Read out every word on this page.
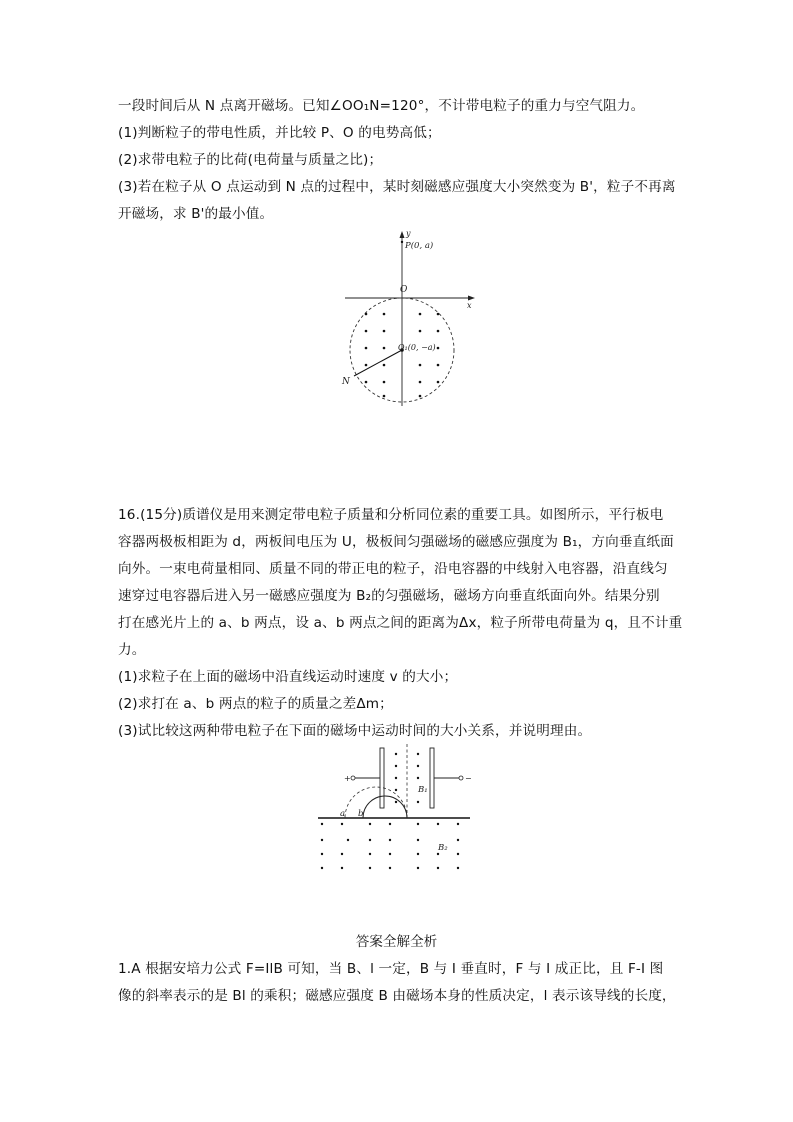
一段时间后从 N 点离开磁场。已知∠OO₁N=120°，不计带电粒子的重力与空气阻力。
(1)判断粒子的带电性质，并比较 P、O 的电势高低；
(2)求带电粒子的比荷(电荷量与质量之比)；
(3)若在粒子从 O 点运动到 N 点的过程中，某时刻磁感应强度大小突然变为 B'，粒子不再离
开磁场，求 B'的最小值。
y
P(0, a)
x
O
O₁(0, −a)
N
16.(15分)质谱仪是用来测定带电粒子质量和分析同位素的重要工具。如图所示，平行板电
容器两极板相距为 d，两板间电压为 U，极板间匀强磁场的磁感应强度为 B₁，方向垂直纸面
向外。一束电荷量相同、质量不同的带正电的粒子，沿电容器的中线射入电容器，沿直线匀
速穿过电容器后进入另一磁感应强度为 B₂的匀强磁场，磁场方向垂直纸面向外。结果分别
打在感光片上的 a、b 两点，设 a、b 两点之间的距离为Δx，粒子所带电荷量为 q，且不计重
力。
(1)求粒子在上面的磁场中沿直线运动时速度 v 的大小；
(2)求打在 a、b 两点的粒子的质量之差Δm；
(3)试比较这两种带电粒子在下面的磁场中运动时间的大小关系，并说明理由。
+	−
B₁
a b
B₂
答案全解全析
1.A 根据安培力公式 F=IlB 可知，当 B、l 一定，B 与 I 垂直时，F 与 I 成正比，且 F-I 图
像的斜率表示的是 Bl 的乘积；磁感应强度 B 由磁场本身的性质决定，l 表示该导线的长度，
